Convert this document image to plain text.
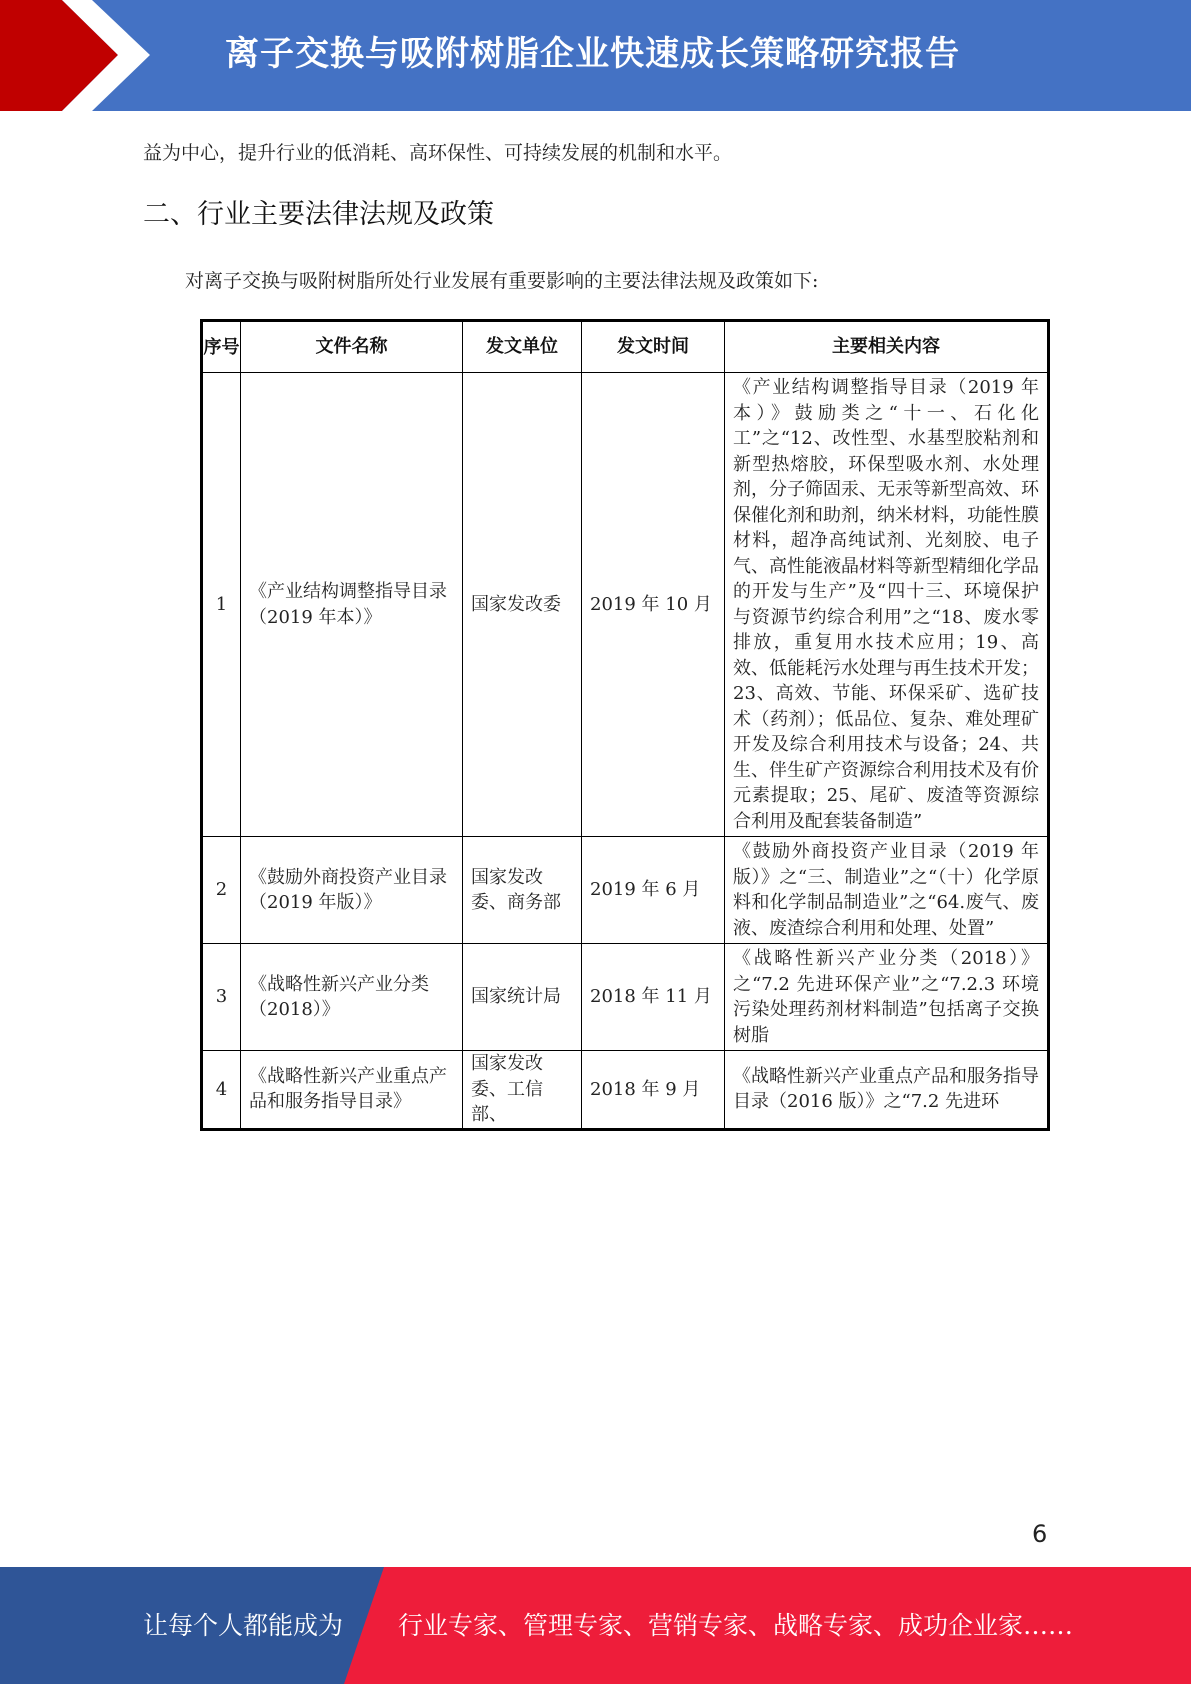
离子交换与吸附树脂企业快速成长策略研究报告
益为中心，提升行业的低消耗、高环保性、可持续发展的机制和水平。
二、行业主要法律法规及政策
对离子交换与吸附树脂所处行业发展有重要影响的主要法律法规及政策如下:
序号	文件名称	发文单位	发文时间	主要相关内容
1	《产业结构调整指导目录（2019 年本）》	国家发改委	2019 年 10 月	《产业结构调整指导目录（2019 年本）》鼓励类之“十一、石化化工”之“12、改性型、水基型胶粘剂和新型热熔胶，环保型吸水剂、水处理剂，分子筛固汞、无汞等新型高效、环保催化剂和助剂，纳米材料，功能性膜材料，超净高纯试剂、光刻胶、电子气、高性能液晶材料等新型精细化学品的开发与生产”及“四十三、环境保护与资源节约综合利用”之“18、废水零排放，重复用水技术应用；19、高效、低能耗污水处理与再生技术开发；23、高效、节能、环保采矿、选矿技术（药剂）；低品位、复杂、难处理矿开发及综合利用技术与设备；24、共生、伴生矿产资源综合利用技术及有价元素提取；25、尾矿、废渣等资源综合利用及配套装备制造”
2	《鼓励外商投资产业目录（2019 年版）》	国家发改委、商务部	2019 年 6 月	《鼓励外商投资产业目录（2019 年版）》之“三、制造业”之“（十）化学原料和化学制品制造业”之“64.废气、废液、废渣综合利用和处理、处置”
3	《战略性新兴产业分类（2018）》	国家统计局	2018 年 11 月	《战略性新兴产业分类（2018）》之“7.2 先进环保产业”之“7.2.3 环境污染处理药剂材料制造”包括离子交换树脂
4	《战略性新兴产业重点产品和服务指导目录》	国家发改委、工信部、	2018 年 9 月	《战略性新兴产业重点产品和服务指导目录（2016 版）》之“7.2 先进环
6
让每个人都能成为 行业专家、管理专家、营销专家、战略专家、成功企业家……
